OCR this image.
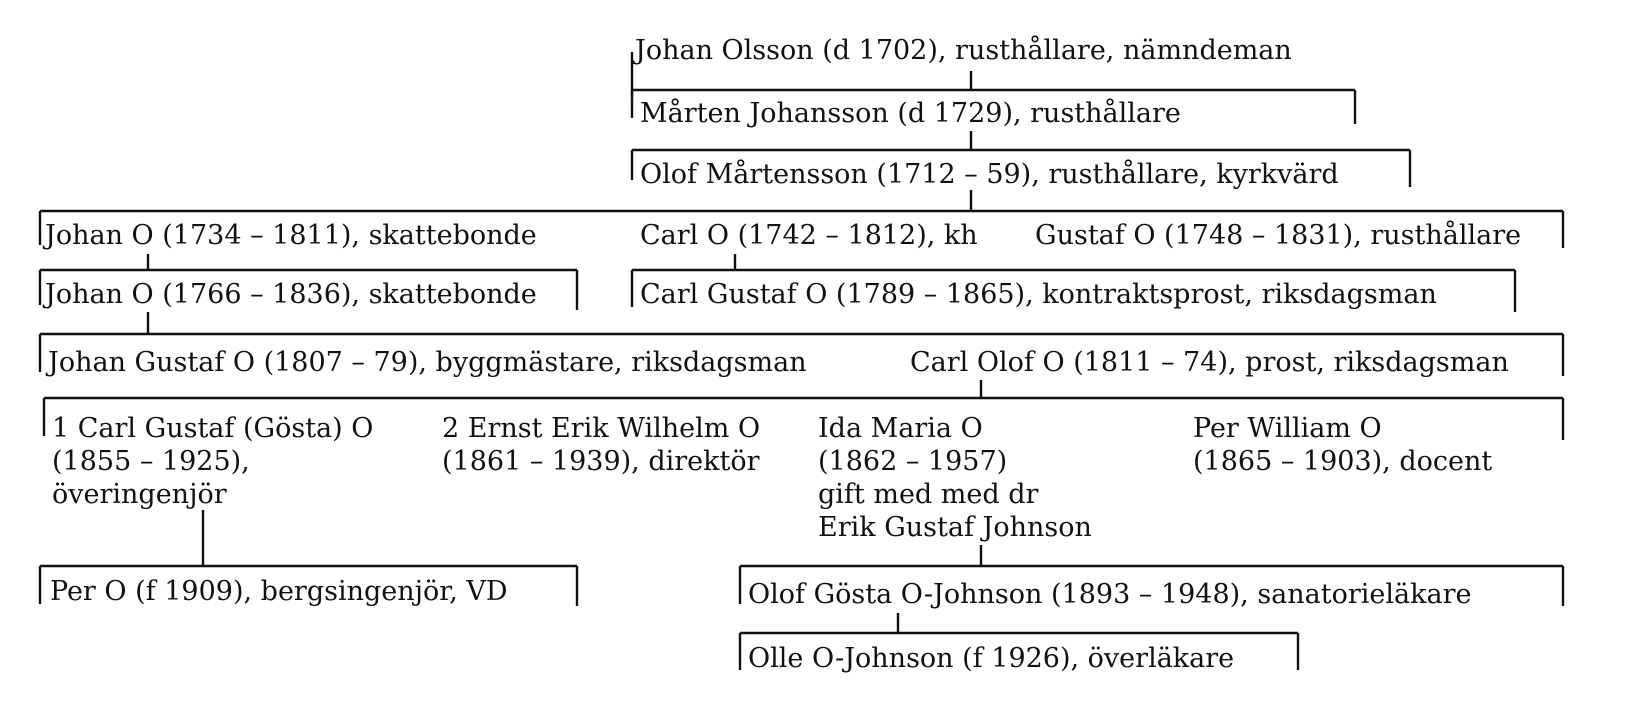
Johan Olsson (d 1702), rusthållare, nämndeman
Mårten Johansson (d 1729), rusthållare
Olof Mårtensson (1712 – 59), rusthållare, kyrkvärd
Johan O (1734 – 1811), skattebonde	Carl O (1742 – 1812), kh Gustaf O (1748 – 1831), rusthållare
Johan O (1766 – 1836), skattebonde	Carl Gustaf O (1789 – 1865), kontraktsprost, riksdagsman
Johan Gustaf O (1807 – 79), byggmästare, riksdagsman	Carl Olof O (1811 – 74), prost, riksdagsman
1 Carl Gustaf (Gösta) O
(1855 – 1925),
överingenjör
2 Ernst Erik Wilhelm O
(1861 – 1939), direktör
Ida Maria O
(1862 – 1957)
gift med med dr
Erik Gustaf Johnson
Per William O
(1865 – 1903), docent
Per O (f 1909), bergsingenjör, VD	Olof Gösta O-Johnson (1893 – 1948), sanatorieläkare
Olle O-Johnson (f 1926), överläkare
